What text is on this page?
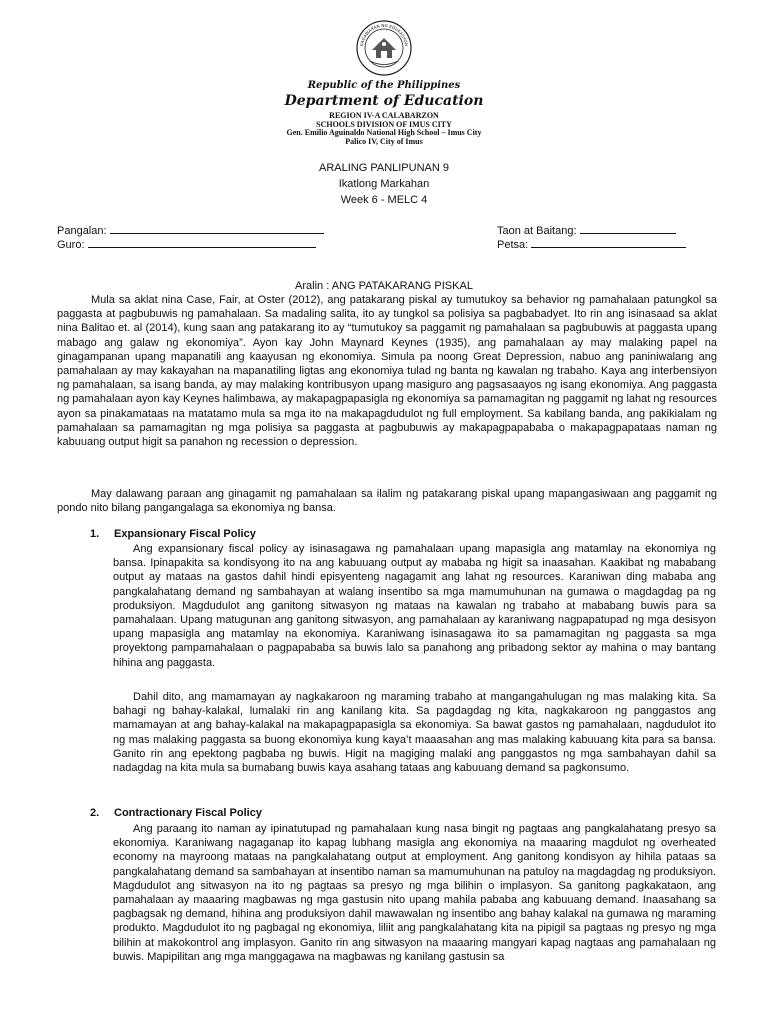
KAGAWARAN NG EDUKASYON
Republic of the Philippines
Department of Education
REGION IV-A CALABARZON
SCHOOLS DIVISION OF IMUS CITY
Gen. Emilio Aguinaldo National High School – Imus City
Palico IV, City of Imus
ARALING PANLIPUNAN 9
Ikatlong Markahan
Week 6 - MELC 4
Pangalan:
Guro:
Taon at Baitang:
Petsa:
Aralin : ANG PATAKARANG PISKAL
Mula sa aklat nina Case, Fair, at Oster (2012), ang patakarang piskal ay tumutukoy sa behavior ng pamahalaan patungkol sa paggasta at pagbubuwis ng pamahalaan. Sa madaling salita, ito ay tungkol sa polisiya sa pagbabadyet. Ito rin ang isinasaad sa aklat nina Balitao et. al (2014), kung saan ang patakarang ito ay “tumutukoy sa paggamit ng pamahalaan sa pagbubuwis at paggasta upang mabago ang galaw ng ekonomiya”. Ayon kay John Maynard Keynes (1935), ang pamahalaan ay may malaking papel na ginagampanan upang mapanatili ang kaayusan ng ekonomiya. Simula pa noong Great Depression, nabuo ang paniniwalang ang pamahalaan ay may kakayahan na mapanatiling ligtas ang ekonomiya tulad ng banta ng kawalan ng trabaho. Kaya ang interbensiyon ng pamahalaan, sa isang banda, ay may malaking kontribusyon upang masiguro ang pagsasaayos ng isang ekonomiya. Ang paggasta ng pamahalaan ayon kay Keynes halimbawa, ay makapagpapasigla ng ekonomiya sa pamamagitan ng paggamit ng lahat ng resources ayon sa pinakamataas na matatamo mula sa mga ito na makapagdudulot ng full employment. Sa kabilang banda, ang pakikialam ng pamahalaan sa pamamagitan ng mga polisiya sa paggasta at pagbubuwis ay makapagpapababa o makapagpapataas naman ng kabuuang output higit sa panahon ng recession o depression.
May dalawang paraan ang ginagamit ng pamahalaan sa ilalim ng patakarang piskal upang mapangasiwaan ang paggamit ng pondo nito bilang pangangalaga sa ekonomiya ng bansa.
1. Expansionary Fiscal Policy
Ang expansionary fiscal policy ay isinasagawa ng pamahalaan upang mapasigla ang matamlay na ekonomiya ng bansa. Ipinapakita sa kondisyong ito na ang kabuuang output ay mababa ng higit sa inaasahan. Kaakibat ng mababang output ay mataas na gastos dahil hindi episyenteng nagagamit ang lahat ng resources. Karaniwan ding mababa ang pangkalahatang demand ng sambahayan at walang insentibo sa mga mamumuhunan na gumawa o magdagdag pa ng produksiyon. Magdudulot ang ganitong sitwasyon ng mataas na kawalan ng trabaho at mababang buwis para sa pamahalaan. Upang matugunan ang ganitong sitwasyon, ang pamahalaan ay karaniwang nagpapatupad ng mga desisyon upang mapasigla ang matamlay na ekonomiya. Karaniwang isinasagawa ito sa pamamagitan ng paggasta sa mga proyektong pampamahalaan o pagpapababa sa buwis lalo sa panahong ang pribadong sektor ay mahina o may bantang hihina ang paggasta.
Dahil dito, ang mamamayan ay nagkakaroon ng maraming trabaho at mangangahulugan ng mas malaking kita. Sa bahagi ng bahay-kalakal, lumalaki rin ang kanilang kita. Sa pagdagdag ng kita, nagkakaroon ng panggastos ang mamamayan at ang bahay-kalakal na makapagpapasigla sa ekonomiya. Sa bawat gastos ng pamahalaan, nagdudulot ito ng mas malaking paggasta sa buong ekonomiya kung kaya’t maaasahan ang mas malaking kabuuang kita para sa bansa. Ganito rin ang epektong pagbaba ng buwis. Higit na magiging malaki ang panggastos ng mga sambahayan dahil sa nadagdag na kita mula sa bumabang buwis kaya asahang tataas ang kabuuang demand sa pagkonsumo.
2. Contractionary Fiscal Policy
Ang paraang ito naman ay ipinatutupad ng pamahalaan kung nasa bingit ng pagtaas ang pangkalahatang presyo sa ekonomiya. Karaniwang nagaganap ito kapag lubhang masigla ang ekonomiya na maaaring magdulot ng overheated economy na mayroong mataas na pangkalahatang output at employment. Ang ganitong kondisyon ay hihila pataas sa pangkalahatang demand sa sambahayan at insentibo naman sa mamumuhunan na patuloy na magdagdag ng produksiyon. Magdudulot ang sitwasyon na ito ng pagtaas sa presyo ng mga bilihin o implasyon. Sa ganitong pagkakataon, ang pamahalaan ay maaaring magbawas ng mga gastusin nito upang mahila pababa ang kabuuang demand. Inaasahang sa pagbagsak ng demand, hihina ang produksiyon dahil mawawalan ng insentibo ang bahay kalakal na gumawa ng maraming produkto. Magdudulot ito ng pagbagal ng ekonomiya, liliit ang pangkalahatang kita na pipigil sa pagtaas ng presyo ng mga bilihin at makokontrol ang implasyon. Ganito rin ang sitwasyon na maaaring mangyari kapag nagtaas ang pamahalaan ng buwis. Mapipilitan ang mga manggagawa na magbawas ng kanilang gastusin sa
